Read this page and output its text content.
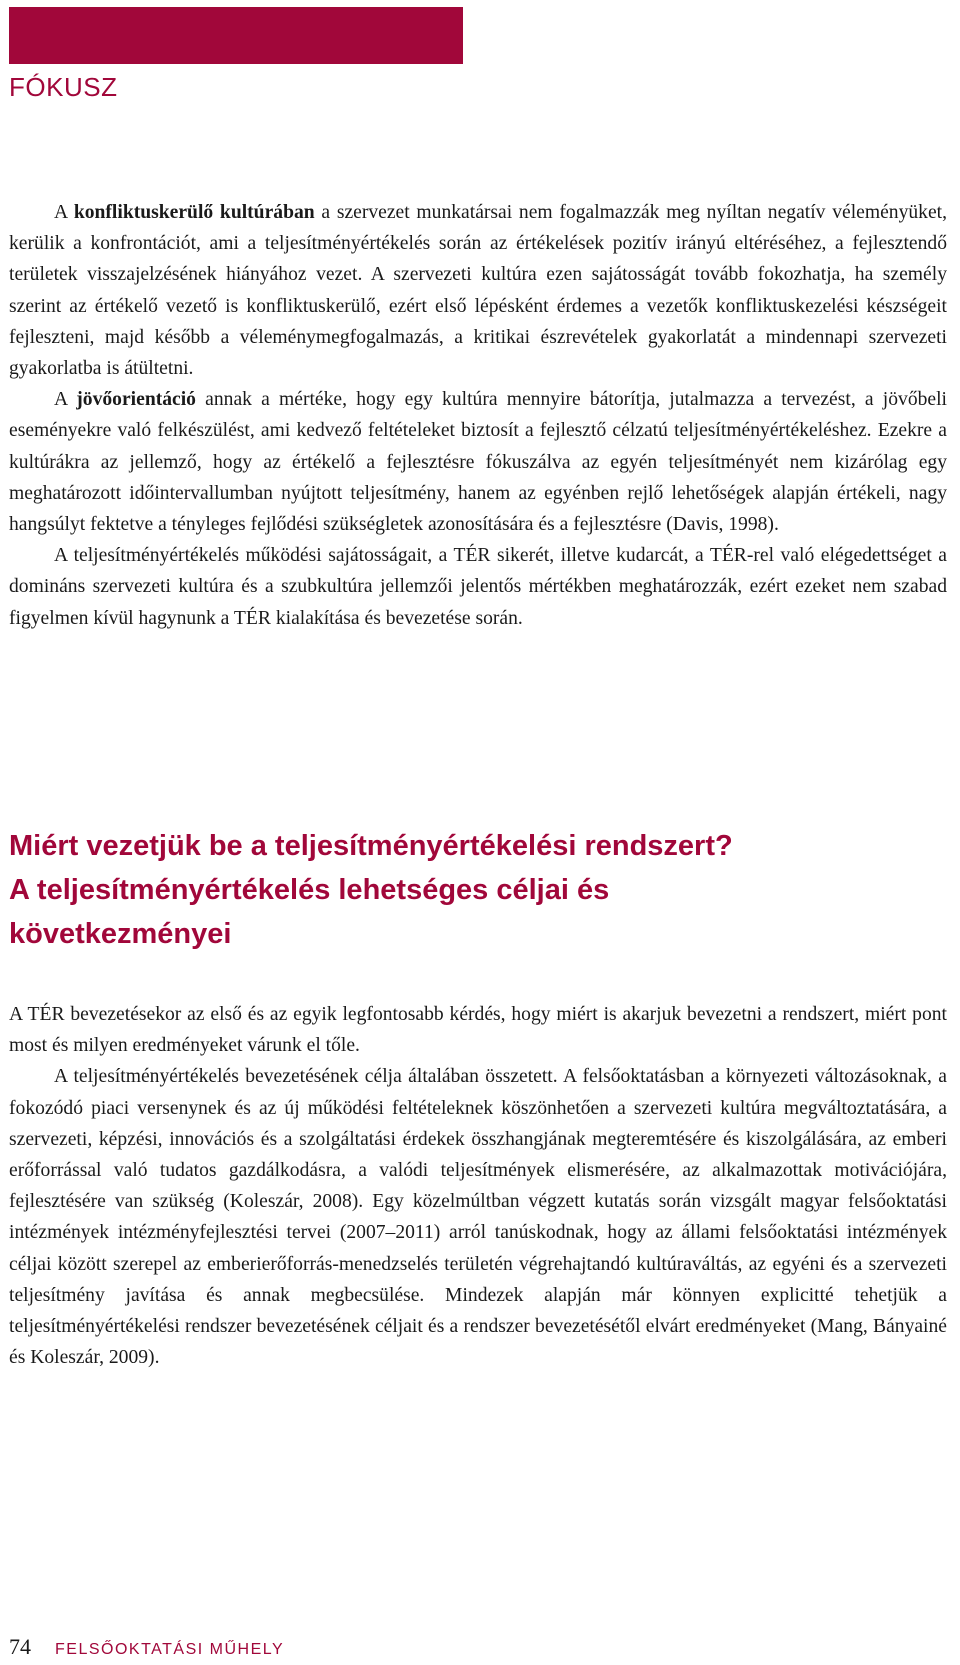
FÓKUSZ

A konfliktuskerülő kultúrában a szervezet munkatársai nem fogalmazzák meg nyíltan negatív véleményüket, kerülik a konfrontációt, ami a teljesítményértékelés során az értékelések pozitív irányú eltéréséhez, a fejlesztendő területek visszajelzésének hiányához vezet. A szervezeti kultúra ezen sajátosságát tovább fokozhatja, ha személy szerint az értékelő vezető is konfliktuskerülő, ezért első lépésként érdemes a vezetők konfliktuskezelési készségeit fejleszteni, majd később a véleménymegfogalmazás, a kritikai észrevételek gyakorlatát a mindennapi szervezeti gyakorlatba is átültetni.

A jövőorientáció annak a mértéke, hogy egy kultúra mennyire bátorítja, jutalmazza a tervezést, a jövőbeli eseményekre való felkészülést, ami kedvező feltételeket biztosít a fejlesztő célzatú teljesítményértékeléshez. Ezekre a kultúrákra az jellemző, hogy az értékelő a fejlesztésre fókuszálva az egyén teljesítményét nem kizárólag egy meghatározott időintervallumban nyújtott teljesítmény, hanem az egyénben rejlő lehetőségek alapján értékeli, nagy hangsúlyt fektetve a tényleges fejlődési szükségletek azonosítására és a fejlesztésre (Davis, 1998).

A teljesítményértékelés működési sajátosságait, a TÉR sikerét, illetve kudarcát, a TÉR-rel való elégedettséget a domináns szervezeti kultúra és a szubkultúra jellemzői jelentős mértékben meghatározzák, ezért ezeket nem szabad figyelmen kívül hagynunk a TÉR kialakítása és bevezetése során.

Miért vezetjük be a teljesítményértékelési rendszert?
A teljesítményértékelés lehetséges céljai és
következményei

A TÉR bevezetésekor az első és az egyik legfontosabb kérdés, hogy miért is akarjuk bevezetni a rendszert, miért pont most és milyen eredményeket várunk el tőle.

A teljesítményértékelés bevezetésének célja általában összetett. A felsőoktatásban a környezeti változásoknak, a fokozódó piaci versenynek és az új működési feltételeknek köszönhetően a szervezeti kultúra megváltoztatására, a szervezeti, képzési, innovációs és a szolgáltatási érdekek összhangjának megteremtésére és kiszolgálására, az emberi erőforrással való tudatos gazdálkodásra, a valódi teljesítmények elismerésére, az alkalmazottak motivációjára, fejlesztésére van szükség (Koleszár, 2008). Egy közelmúltban végzett kutatás során vizsgált magyar felsőoktatási intézmények intézményfejlesztési tervei (2007–2011) arról tanúskodnak, hogy az állami felsőoktatási intézmények céljai között szerepel az emberierőforrás-menedzselés területén végrehajtandó kultúraváltás, az egyéni és a szervezeti teljesítmény javítása és annak megbecsülése. Mindezek alapján már könnyen explicitté tehetjük a teljesítményértékelési rendszer bevezetésének céljait és a rendszer bevezetésétől elvárt eredményeket (Mang, Bányainé és Koleszár, 2009).

74 FELSŐOKTATÁSI MŰHELY
